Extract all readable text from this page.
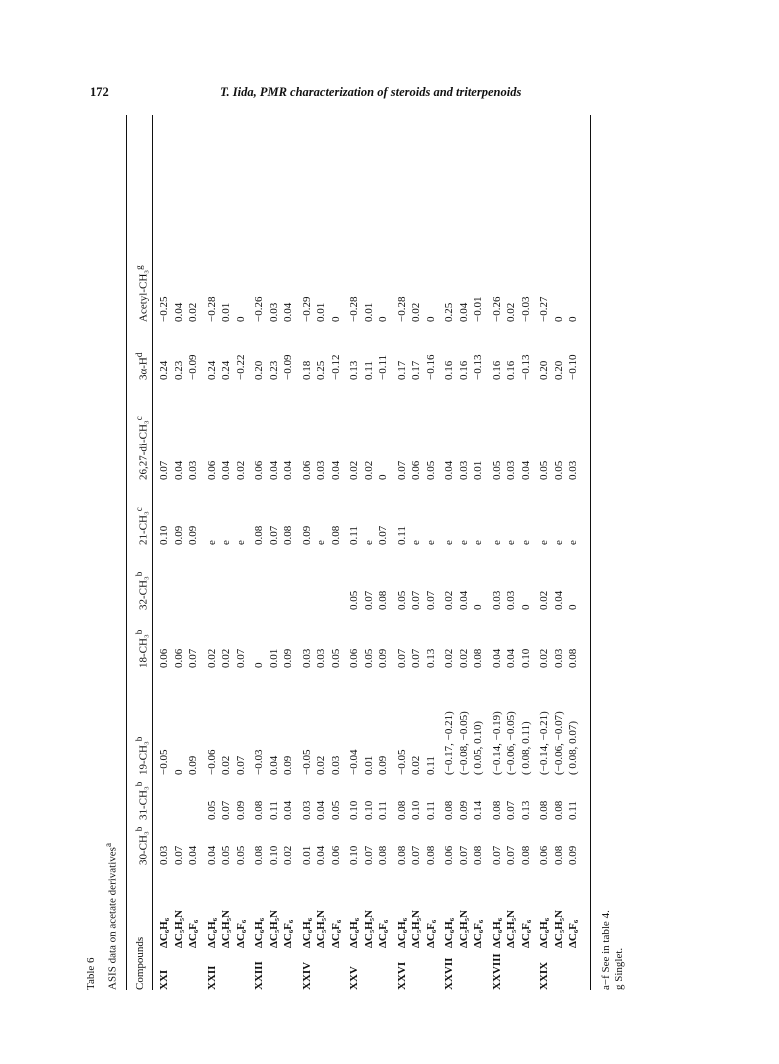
172	T. Iida, PMR characterization of steroids and triterpenoids
Table 6 ASIS data on acetate derivatives$^a$
Compounds
30-CH₃$^b$
31-CH₃$^b$
19-CH₃$^b$
18-CH₃$^b$
32-CH₃$^b$
21-CH₃$^c$
26,27-di-CH₃$^c$
$3\alpha-H^d$
Acetyl-CH₃$^g$
XXI
ΔC₆H₆
0.03
−0.05
0.06
0.10
0.07
0.24
−0.25
ΔC₅H₅N
0.07
0
0.06
0.09
0.04
0.23
0.04
ΔC₆F₆
0.04
0.09
0.07
0.09
0.03
−0.09
0.02
XXII
ΔC₆H₆
0.04
0.05
−0.06
0.02
e
0.06
0.24
−0.28
ΔC₅H₅N
0.05
0.07
0.02
0.02
e
0.04
0.24
0.01
ΔC₆F₆
0.05
0.09
0.07
0.07
e
0.02
−0.22
0
XXIII
ΔC₆H₆
0.08
0.08
−0.03
0
0.08
0.06
0.20
−0.26
ΔC₅H₅N
0.10
0.11
0.04
0.01
0.07
0.04
0.23
0.03
ΔC₆F₆
0.02
0.04
0.09
0.09
0.08
0.04
−0.09
0.04
XXIV
ΔC₆H₆
0.01
0.03
−0.05
0.03
0.09
0.06
0.18
−0.29
ΔC₅H₅N
0.04
0.04
0.02
0.03
e
0.03
0.25
0.01
ΔC₆F₆
0.06
0.05
0.03
0.05
0.08
0.04
−0.12
0
XXV
ΔC₆H₆
0.10
0.10
−0.04
0.06
0.05
0.11
0.02
0.13
−0.28
ΔC₅H₅N
0.07
0.10
0.01
0.05
0.07
e
0.02
0.11
0.01
ΔC₆F₆
0.08
0.11
0.09
0.09
0.08
0.07
0
−0.11
0
XXVI
ΔC₆H₆
0.08
0.08
−0.05
0.07
0.05
0.11
0.07
0.17
−0.28
ΔC₅H₅N
0.07
0.10
0.02
0.07
0.07
e
0.06
0.17
0.02
ΔC₆F₆
0.08
0.11
0.11
0.13
0.07
e
0.05
−0.16
0
XXVII
ΔC₆H₆
0.06
0.08
(−0.17, −0.21)
0.02
0.02
e
0.04
0.16
0.25
ΔC₅H₅N
0.07
0.09
(−0.08, −0.05)
0.02
0.04
e
0.03
0.16
0.04
ΔC₆F₆
0.08
0.14
( 0.05, 0.10)
0.08
0
e
0.01
−0.13
−0.01
XXVIII
ΔC₆H₆
0.07
0.08
(−0.14, −0.19)
0.04
0.03
e
0.05
0.16
−0.26
ΔC₅H₅N
0.07
0.07
(−0.06, −0.05)
0.04
0.03
e
0.03
0.16
0.02
ΔC₆F₆
0.08
0.13
( 0.08, 0.11)
0.10
0
e
0.04
−0.13
−0.03
XXIX
ΔC₆H₆
0.06
0.08
(−0.14, −0.21)
0.02
0.02
e
0.05
0.20
−0.27
ΔC₅H₅N
0.08
0.08
(−0.06, −0.07)
0.03
0.04
e
0.05
0.20
0
ΔC₆F₆
0.09
0.11
( 0.08, 0.07)
0.08
0
e
0.03
−0.10
0
a−f See in table 4. g Singlet.
